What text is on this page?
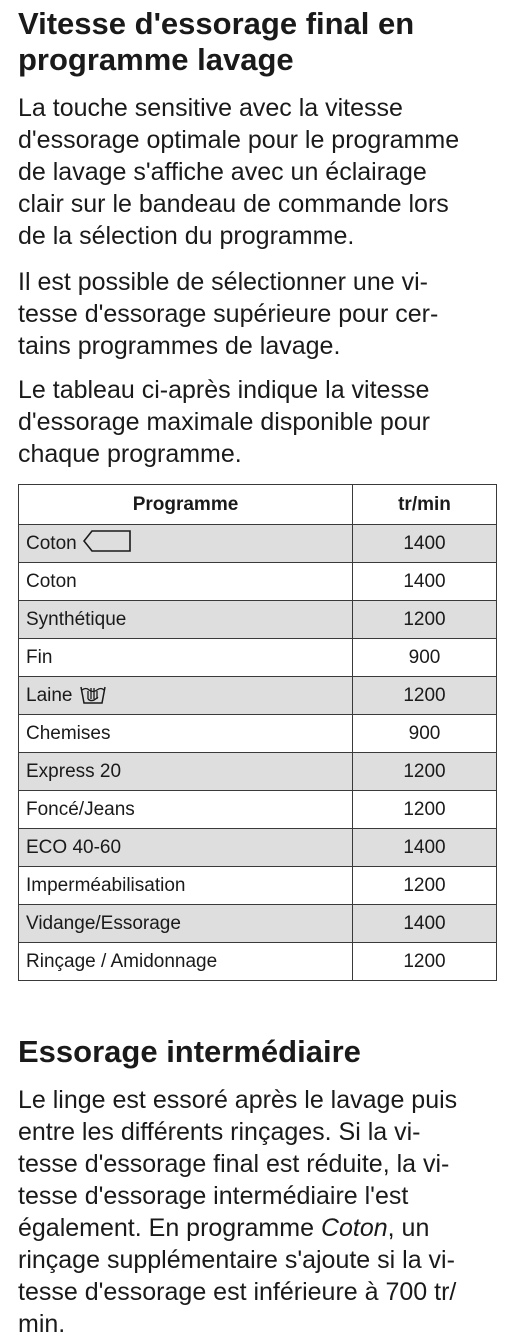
Vitesse d'essorage final en
programme lavage

La touche sensitive avec la vitesse
d'essorage optimale pour le programme
de lavage s'affiche avec un éclairage
clair sur le bandeau de commande lors
de la sélection du programme.

Il est possible de sélectionner une vi-
tesse d'essorage supérieure pour cer-
tains programmes de lavage.

Le tableau ci-après indique la vitesse
d'essorage maximale disponible pour
chaque programme.

Programme	tr/min
Coton	1400
Coton	1400
Synthétique	1200
Fin	900
Laine	1200
Chemises	900
Express 20	1200
Foncé/Jeans	1200
ECO 40-60	1400
Imperméabilisation	1200
Vidange/Essorage	1400
Rinçage / Amidonnage	1200
Essorage intermédiaire

Le linge est essoré après le lavage puis
entre les différents rinçages. Si la vi-
tesse d'essorage final est réduite, la vi-
tesse d'essorage intermédiaire l'est
également. En programme Coton, un
rinçage supplémentaire s'ajoute si la vi-
tesse d'essorage est inférieure à 700 tr/
min.
